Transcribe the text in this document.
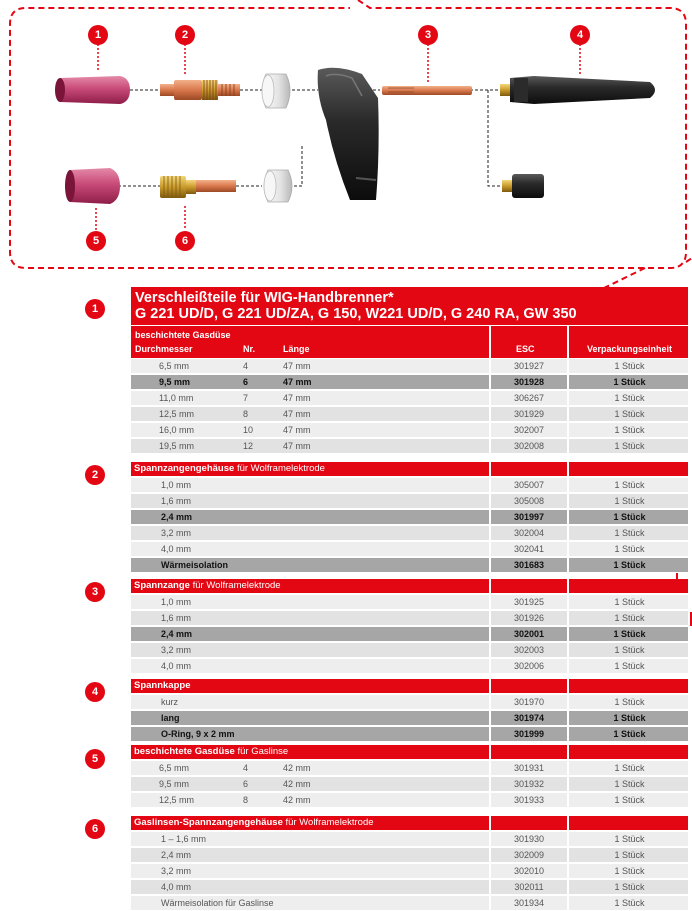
1	2	3	4
5	6
1
Verschleißteile für WIG-Handbrenner*
G 221 UD/D, G 221 UD/ZA, G 150, W221 UD/D, G 240 RA, GW 350
beschichtete Gasdüse
Durchmesser	Nr.	Länge	ESC	Verpackungseinheit
6,5 mm	4	47 mm	301927	1 Stück
9,5 mm	6	47 mm	301928	1 Stück
11,0 mm	7	47 mm	306267	1 Stück
12,5 mm	8	47 mm	301929	1 Stück
16,0 mm	10	47 mm	302007	1 Stück
19,5 mm	12	47 mm	302008	1 Stück
2
Spannzangengehäuse für Wolframelektrode
1,0 mm	305007	1 Stück
1,6 mm	305008	1 Stück
2,4 mm	301997	1 Stück
3,2 mm	302004	1 Stück
4,0 mm	302041	1 Stück
Wärmeisolation	301683	1 Stück
3
Spannzange für Wolframelektrode
1,0 mm	301925	1 Stück
1,6 mm	301926	1 Stück
2,4 mm	302001	1 Stück
3,2 mm	302003	1 Stück
4,0 mm	302006	1 Stück
4
Spannkappe
kurz	301970	1 Stück
lang	301974	1 Stück
O-Ring, 9 x 2 mm	301999	1 Stück
5
beschichtete Gasdüse für Gaslinse
6,5 mm	4	42 mm	301931	1 Stück
9,5 mm	6	42 mm	301932	1 Stück
12,5 mm	8	42 mm	301933	1 Stück
6
Gaslinsen-Spannzangengehäuse für Wolframelektrode
1 – 1,6 mm	301930	1 Stück
2,4 mm	302009	1 Stück
3,2 mm	302010	1 Stück
4,0 mm	302011	1 Stück
Wärmeisolation für Gaslinse	301934	1 Stück
